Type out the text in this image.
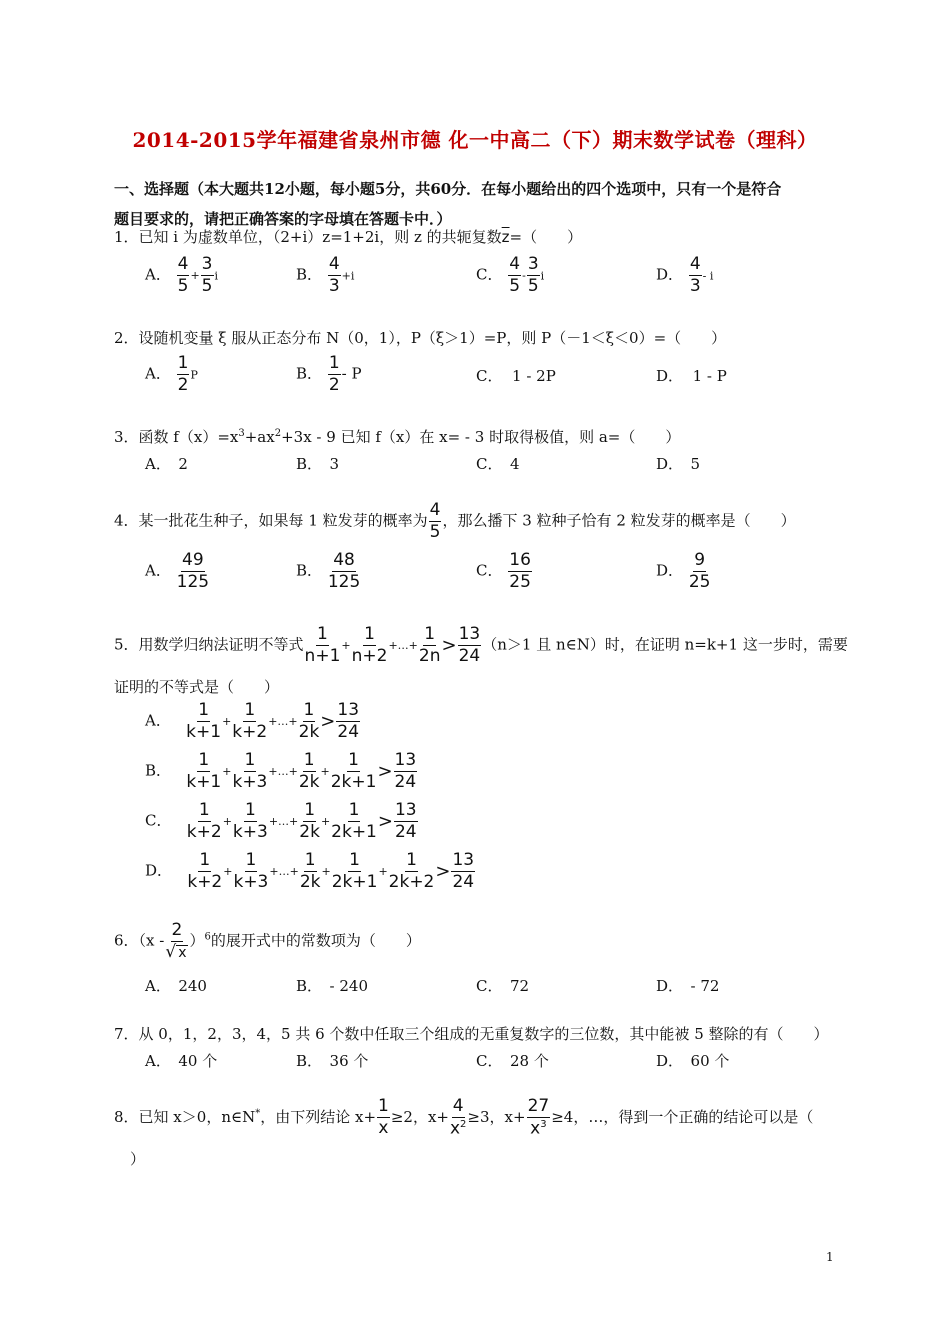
2014-2015学年福建省泉州市德 化一中高二（下）期末数学试卷（理科）
一、选择题（本大题共12小题，每小题5分，共60分．在每小题给出的四个选项中，只有一个是符合
题目要求的，请把正确答案的字母填在答题卡中．）
1．已知 i 为虚数单位，（2+i）z=1+2i，则 z 的共轭复数$\overline{z}=$（　　）
A． $\frac{4}{5} + \frac{3}{5}$ i	B． $\frac{4}{3} +i$	C． $\frac{4}{5} - \frac{3}{5}$ i	D． $\frac{4}{3}$ - i
2．设随机变量 ξ 服从正态分布 N（0，1），P（ξ＞1）=P，则 P（－1＜ξ＜0）=（　　）
A． $\frac{1}{2}$ P	B． $\frac{1}{2}$ - P	C． 1 - 2P	D． 1 - P
3．函数 $f(x)=x^3+ax^2+3x - 9$ 已知 f（x）在 x= - 3 时取得极值，则 a=（　　）
A．　2	B．　3	C．　4	D．　5
4．某一批花生种子，如果每 1 粒发芽的概率为 $\frac{4}{5}$ ，那么播下 3 粒种子恰有 2 粒发芽的概率是（　　）
A． $\frac{49}{125}$	B． $\frac{48}{125}$	C． $\frac{16}{25}$	D． $\frac{9}{25}$
5．用数学归纳法证明不等式 $\frac{1}{n+1} + \frac{1}{n+2}$ +…+ $\frac{1}{2n} > \frac{13}{24} (n>1$ 且 n∈N）时，在证明 n=k+1 这一步时，需要
证明的不等式是（　　）
A． $\frac{1}{k+1} + \frac{1}{k+2}$ +…+ $\frac{1}{2k} > \frac{13}{24}$
B． $\frac{1}{k+1} + \frac{1}{k+3}$ +…+ $\frac{1}{2k} + \frac{1}{2k+1} > \frac{13}{24}$
C． $\frac{1}{k+2} + \frac{1}{k+3}$ +…+ $\frac{1}{2k} + \frac{1}{2k+1} > \frac{13}{24}$
D． $\frac{1}{k+2} + \frac{1}{k+3}$ +…+ $\frac{1}{2k} + \frac{1}{2k+1} + \frac{1}{2k+2} > \frac{13}{24}$
6．$(x - \frac{2}{√ x} )^6$的展开式中的常数项为（　　）
A．　240	B．　- 240	C．　72	D．　- 72
7．从 0，1，2，3，4，5 共 6 个数中任取三个组成的无重复数字的三位数，其中能被 5 整除的有（　　）
A．　40 个	B．　36 个	C．　28 个	D．　60 个
8．已知 x＞0，n∈N*，由下列结论 $x+ \frac{1}{x} \ge 2$，$x+ \frac{4}{x^2} \ge 3$，$x+ \frac{27}{x^3} \ge 4$，…，得到一个正确的结论可以是（
）
1
